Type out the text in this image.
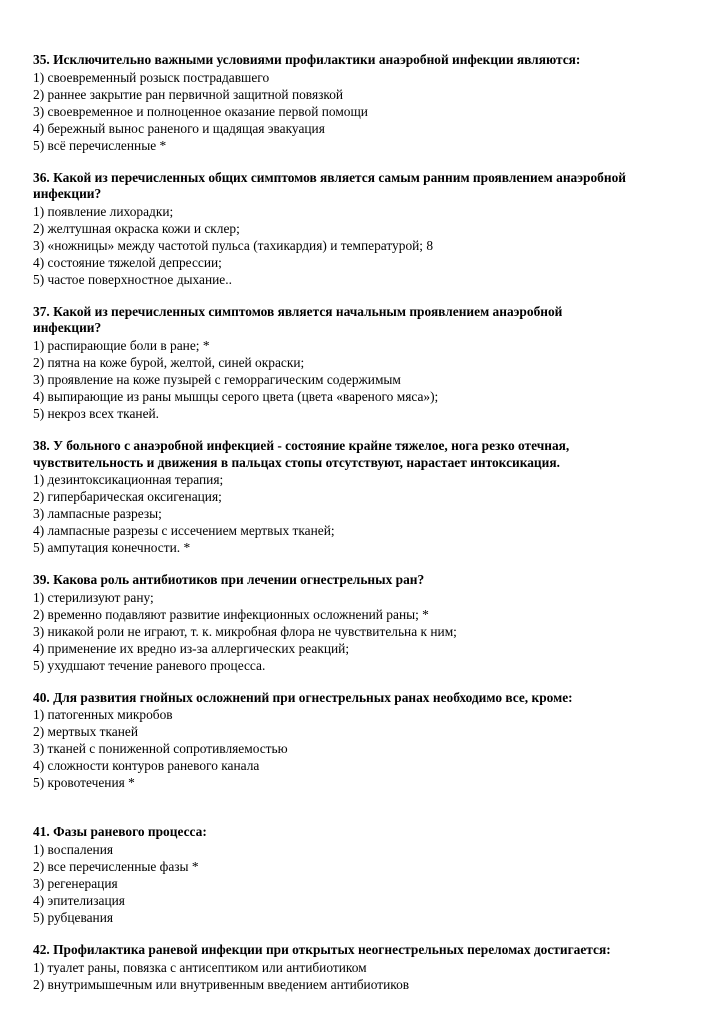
35. Исключительно важными условиями профилактики анаэробной инфекции являются:

1) своевременный розыск пострадавшего
2) раннее закрытие ран первичной защитной повязкой
3) своевременное и полноценное оказание первой помощи
4) бережный вынос раненого и щадящая эвакуация
5) всё перечисленные *

36. Какой из перечисленных общих симптомов является самым ранним проявлением анаэробной
инфекции?

1) появление лихорадки;
2) желтушная окраска кожи и склер;
3) «ножницы» между частотой пульса (тахикардия) и температурой; 8
4) состояние тяжелой депрессии;
5) частое поверхностное дыхание..

37. Какой из перечисленных симптомов является начальным проявлением анаэробной
инфекции?

1) распирающие боли в ране; *
2) пятна на коже бурой, желтой, синей окраски;
3) проявление на коже пузырей с геморрагическим содержимым
4) выпирающие из раны мышцы серого цвета (цвета «вареного мяса»);
5) некроз всех тканей.

38. У больного с анаэробной инфекцией - состояние крайне тяжелое, нога резко отечная,
чувствительность и движения в пальцах стопы отсутствуют, нарастает интоксикация.

1) дезинтоксикационная терапия;
2) гипербарическая оксигенация;
3) лампасные разрезы;
4) лампасные разрезы с иссечением мертвых тканей;
5) ампутация конечности. *

39. Какова роль антибиотиков при лечении огнестрельных ран?

1) стерилизуют рану;
2) временно подавляют развитие инфекционных осложнений раны; *
3) никакой роли не играют, т. к. микробная флора не чувствительна к ним;
4) применение их вредно из-за аллергических реакций;
5) ухудшают течение раневого процесса.

40. Для развития гнойных осложнений при огнестрельных ранах необходимо все, кроме:

1) патогенных микробов
2) мертвых тканей
3) тканей с пониженной сопротивляемостью
4) сложности контуров раневого канала
5) кровотечения *

41. Фазы раневого процесса:

1) воспаления
2) все перечисленные фазы *
3) регенерация
4) эпителизация
5) рубцевания

42. Профилактика раневой инфекции при открытых неогнестрельных переломах достигается:

1) туалет раны, повязка с антисептиком или антибиотиком
2) внутримышечным или внутривенным введением антибиотиков
